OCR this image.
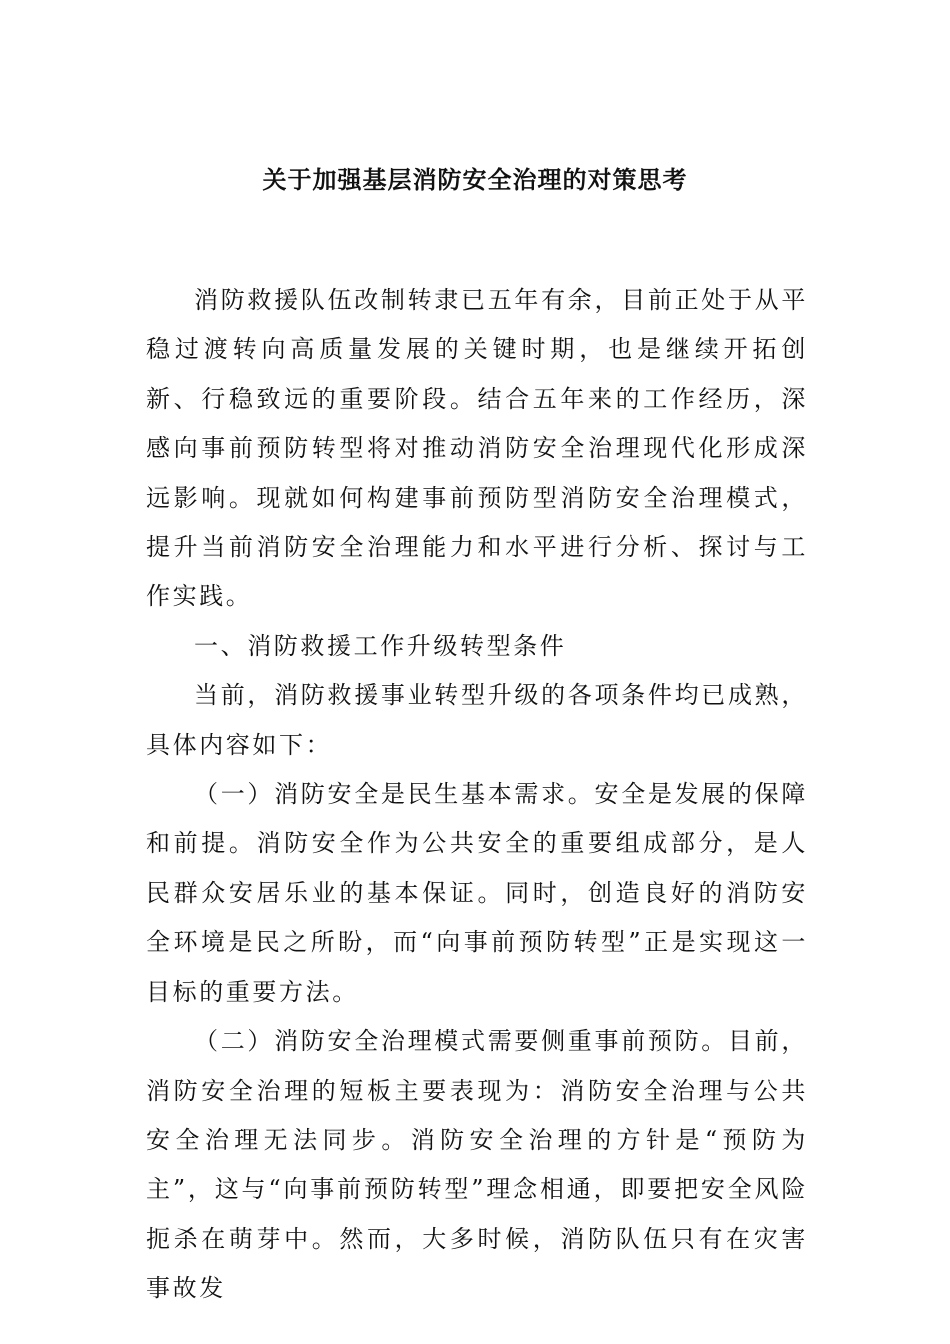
关于加强基层消防安全治理的对策思考

消防救援队伍改制转隶已五年有余，目前正处于从平稳过渡转向高质量发展的关键时期，也是继续开拓创新、行稳致远的重要阶段。结合五年来的工作经历，深感向事前预防转型将对推动消防安全治理现代化形成深远影响。现就如何构建事前预防型消防安全治理模式，提升当前消防安全治理能力和水平进行分析、探讨与工作实践。

一、消防救援工作升级转型条件

当前，消防救援事业转型升级的各项条件均已成熟，具体内容如下：

（一）消防安全是民生基本需求。安全是发展的保障和前提。消防安全作为公共安全的重要组成部分，是人民群众安居乐业的基本保证。同时，创造良好的消防安全环境是民之所盼，而“向事前预防转型”正是实现这一目标的重要方法。

（二）消防安全治理模式需要侧重事前预防。目前，消防安全治理的短板主要表现为：消防安全治理与公共安全治理无法同步。消防安全治理的方针是“预防为主”，这与“向事前预防转型”理念相通，即要把安全风险扼杀在萌芽中。然而，大多时候，消防队伍只有在灾害事故发
